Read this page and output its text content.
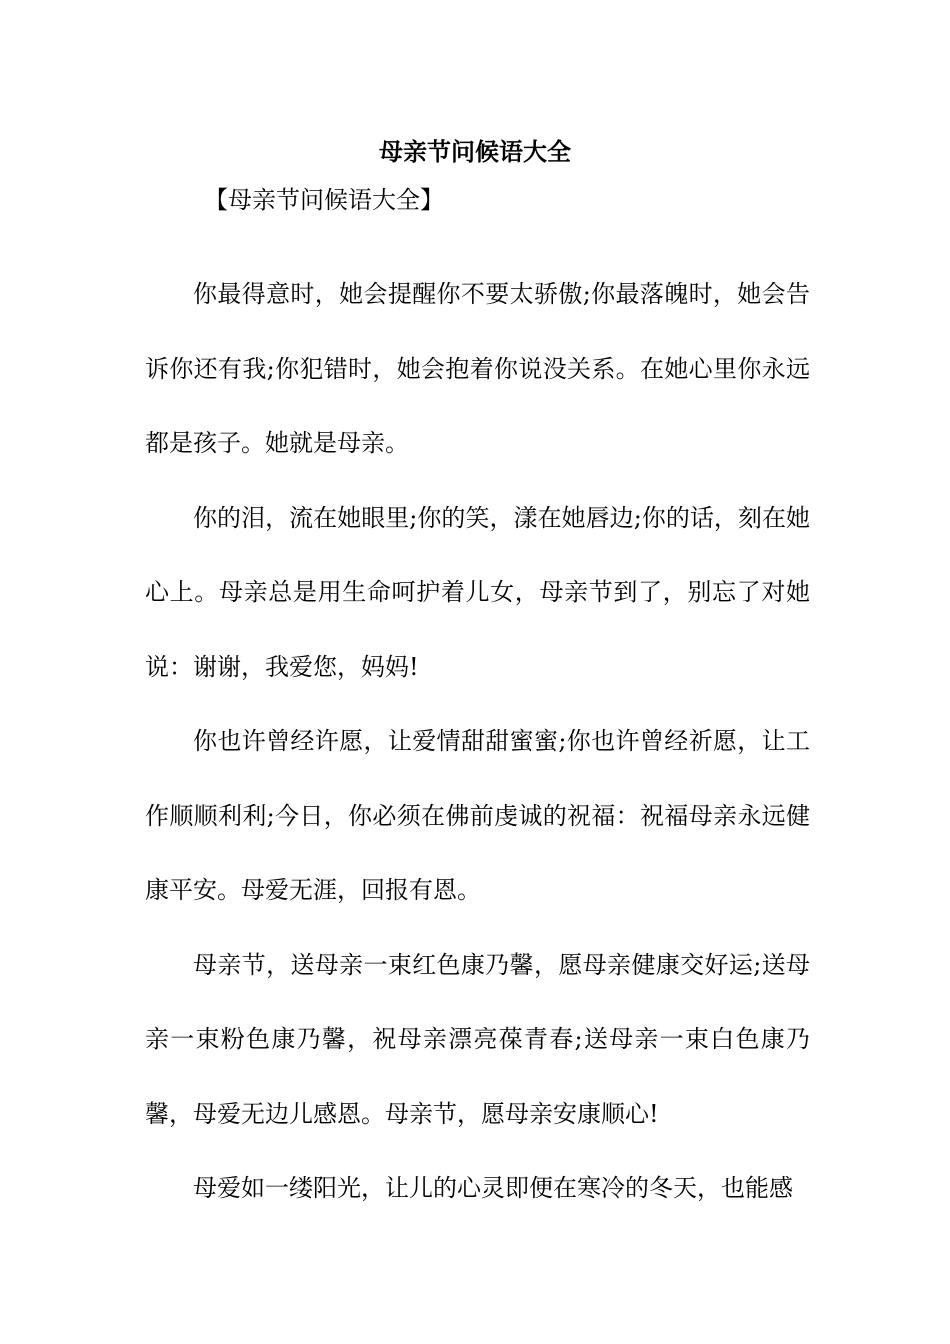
母亲节问候语大全

【母亲节问候语大全】

你最得意时，她会提醒你不要太骄傲;你最落魄时，她会告诉你还有我;你犯错时，她会抱着你说没关系。在她心里你永远都是孩子。她就是母亲。

你的泪，流在她眼里;你的笑，漾在她唇边;你的话，刻在她心上。母亲总是用生命呵护着儿女，母亲节到了，别忘了对她说：谢谢，我爱您，妈妈!

你也许曾经许愿，让爱情甜甜蜜蜜;你也许曾经祈愿，让工作顺顺利利;今日，你必须在佛前虔诚的祝福：祝福母亲永远健康平安。母爱无涯，回报有恩。

母亲节，送母亲一束红色康乃馨，愿母亲健康交好运;送母亲一束粉色康乃馨，祝母亲漂亮葆青春;送母亲一束白色康乃馨，母爱无边儿感恩。母亲节，愿母亲安康顺心!

母爱如一缕阳光，让儿的心灵即便在寒冷的冬天，也能感
